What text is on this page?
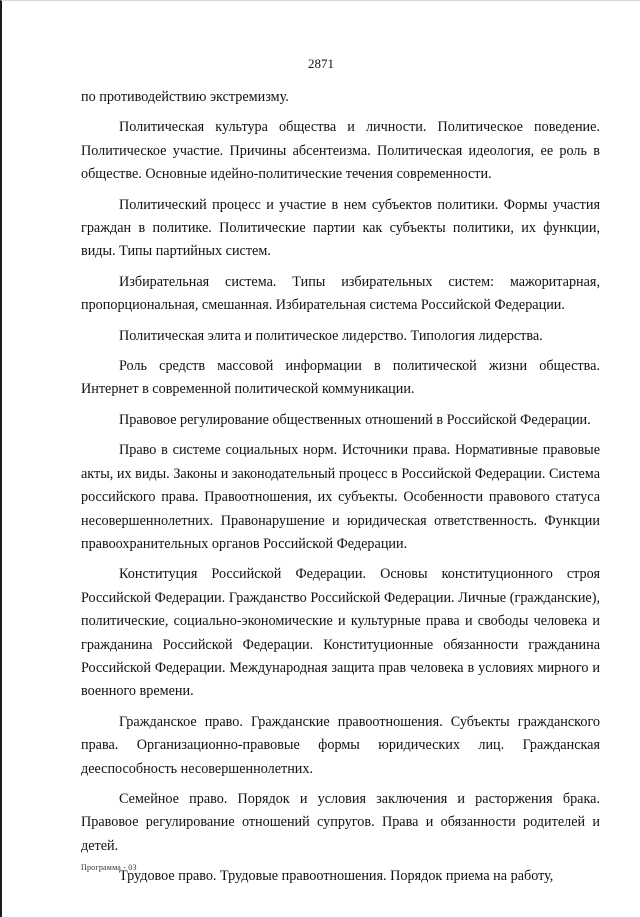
2871

по противодействию экстремизму.

Политическая культура общества и личности. Политическое поведение. Политическое участие. Причины абсентеизма. Политическая идеология, ее роль в обществе. Основные идейно-политические течения современности.

Политический процесс и участие в нем субъектов политики. Формы участия граждан в политике. Политические партии как субъекты политики, их функции, виды. Типы партийных систем.

Избирательная система. Типы избирательных систем: мажоритарная, пропорциональная, смешанная. Избирательная система Российской Федерации.

Политическая элита и политическое лидерство. Типология лидерства.

Роль средств массовой информации в политической жизни общества. Интернет в современной политической коммуникации.

Правовое регулирование общественных отношений в Российской Федерации.

Право в системе социальных норм. Источники права. Нормативные правовые акты, их виды. Законы и законодательный процесс в Российской Федерации. Система российского права. Правоотношения, их субъекты. Особенности правового статуса несовершеннолетних. Правонарушение и юридическая ответственность. Функции правоохранительных органов Российской Федерации.

Конституция Российской Федерации. Основы конституционного строя Российской Федерации. Гражданство Российской Федерации. Личные (гражданские), политические, социально-экономические и культурные права и свободы человека и гражданина Российской Федерации. Конституционные обязанности гражданина Российской Федерации. Международная защита прав человека в условиях мирного и военного времени.

Гражданское право. Гражданские правоотношения. Субъекты гражданского права. Организационно-правовые формы юридических лиц. Гражданская дееспособность несовершеннолетних.

Семейное право. Порядок и условия заключения и расторжения брака. Правовое регулирование отношений супругов. Права и обязанности родителей и детей.

Трудовое право. Трудовые правоотношения. Порядок приема на работу,

Программа - 03
